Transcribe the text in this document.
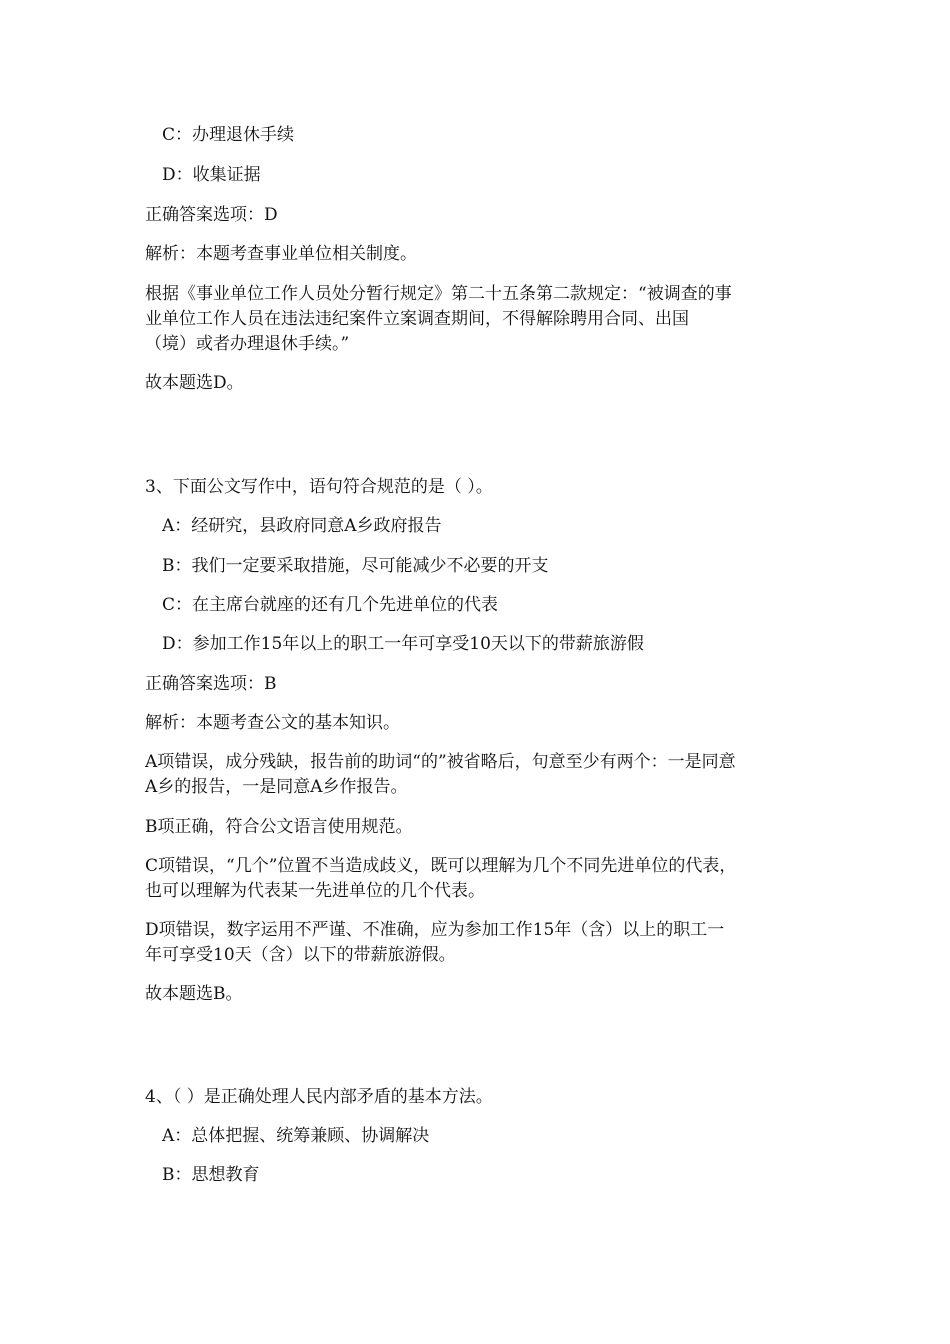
C：办理退休手续
D：收集证据
正确答案选项：D
解析：本题考查事业单位相关制度。
根据《事业单位工作人员处分暂行规定》第二十五条第二款规定：“被调查的事
业单位工作人员在违法违纪案件立案调查期间，不得解除聘用合同、出国
（境）或者办理退休手续。”
故本题选D。
3、下面公文写作中，语句符合规范的是（ ）。
A：经研究，县政府同意A乡政府报告
B：我们一定要采取措施，尽可能减少不必要的开支
C：在主席台就座的还有几个先进单位的代表
D：参加工作15年以上的职工一年可享受10天以下的带薪旅游假
正确答案选项：B
解析：本题考查公文的基本知识。
A项错误，成分残缺，报告前的助词“的”被省略后，句意至少有两个：一是同意
A乡的报告，一是同意A乡作报告。
B项正确，符合公文语言使用规范。
C项错误，“几个”位置不当造成歧义，既可以理解为几个不同先进单位的代表，
也可以理解为代表某一先进单位的几个代表。
D项错误，数字运用不严谨、不准确，应为参加工作15年（含）以上的职工一
年可享受10天（含）以下的带薪旅游假。
故本题选B。
4、（ ）是正确处理人民内部矛盾的基本方法。
A：总体把握、统筹兼顾、协调解决
B：思想教育
